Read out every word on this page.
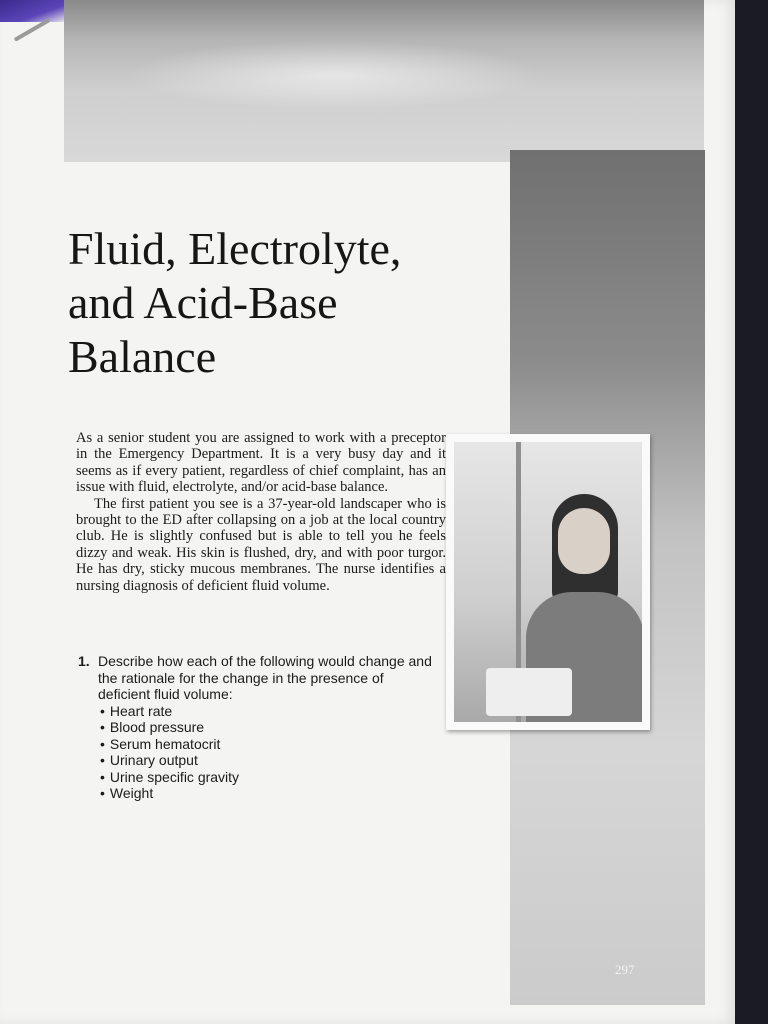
Fluid, Electrolyte,
and Acid-Base
Balance

As a senior student you are assigned to work with a preceptor in the Emergency Department. It is a very busy day and it seems as if every patient, regardless of chief complaint, has an issue with fluid, electrolyte, and/or acid-base balance.

The first patient you see is a 37-year-old landscaper who is brought to the ED after collapsing on a job at the local country club. He is slightly confused but is able to tell you he feels dizzy and weak. His skin is flushed, dry, and with poor turgor. He has dry, sticky mucous membranes. The nurse identifies a nursing diagnosis of deficient fluid volume.

1. Describe how each of the following would change and the rationale for the change in the presence of deficient fluid volume:
• Heart rate
• Blood pressure
• Serum hematocrit
• Urinary output
• Urine specific gravity
• Weight
297
